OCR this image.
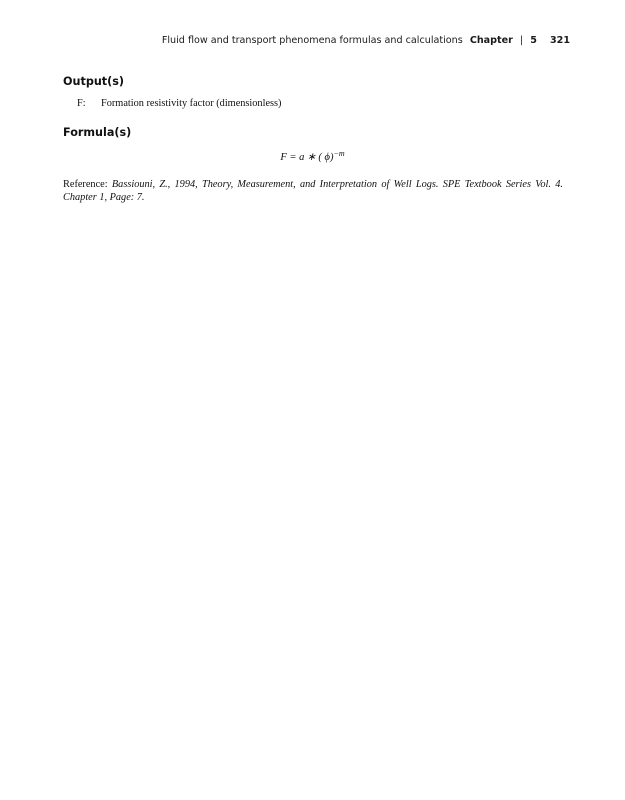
Fluid flow and transport phenomena formulas and calculations Chapter | 5 321
Output(s)
F: Formation resistivity factor (dimensionless)
Formula(s)
F = a ∗ ( ϕ)$^{-m}$
Reference: Bassiouni, Z., 1994, Theory, Measurement, and Interpretation of Well Logs. SPE Textbook Series Vol. 4. Chapter 1, Page: 7.
